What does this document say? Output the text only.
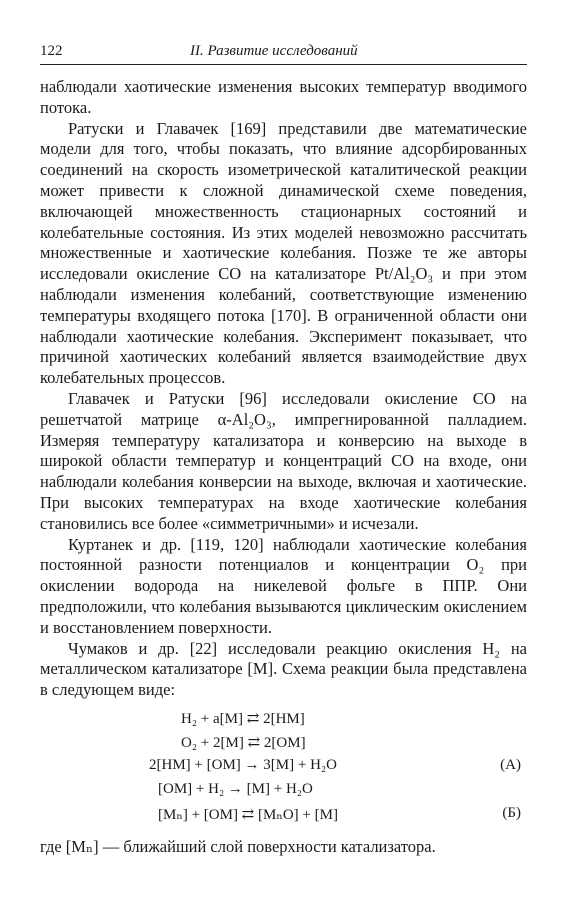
122	II. Развитие исследований

наблюдали хаотические изменения высоких температур вводимого потока.

Ратуски и Главачек [169] представили две математические модели для того, чтобы показать, что влияние адсорбированных соединений на скорость изометрической каталитической реакции может привести к сложной динамической схеме поведения, включающей множественность стационарных состояний и колебательные состояния. Из этих моделей невозможно рассчитать множественные и хаотические колебания. Позже те же авторы исследовали окисление CO на катализаторе Pt/Al₂O₃ и при этом наблюдали изменения колебаний, соответствующие изменению температуры входящего потока [170]. В ограниченной области они наблюдали хаотические колебания. Эксперимент показывает, что причиной хаотических колебаний является взаимодействие двух колебательных процессов.

Главачек и Ратуски [96] исследовали окисление CO на решетчатой матрице α-Al₂O₃, импрегнированной палладием. Измеряя температуру катализатора и конверсию на выходе в широкой области температур и концентраций CO на входе, они наблюдали колебания конверсии на выходе, включая и хаотические. При высоких температурах на входе хаотические колебания становились все более «симметричными» и исчезали.

Куртанек и др. [119, 120] наблюдали хаотические колебания постоянной разности потенциалов и концентрации O₂ при окислении водорода на никелевой фольге в ППР. Они предположили, что колебания вызываются циклическим окислением и восстановлением поверхности.

Чумаков и др. [22] исследовали реакцию окисления H₂ на металлическом катализаторе [M]. Схема реакции была представлена в следующем виде:

H₂ + a[M] ⇄ 2[HM]
O₂ + 2[M] ⇄ 2[OM]
2[HM] + [OM] → 3[M] + H₂O	(А)
[OM] + H₂ → [M] + H₂O
[Mₙ] + [OM] ⇄ [MₙO] + [M]	(Б)
где [Mₙ] — ближайший слой поверхности катализатора.
